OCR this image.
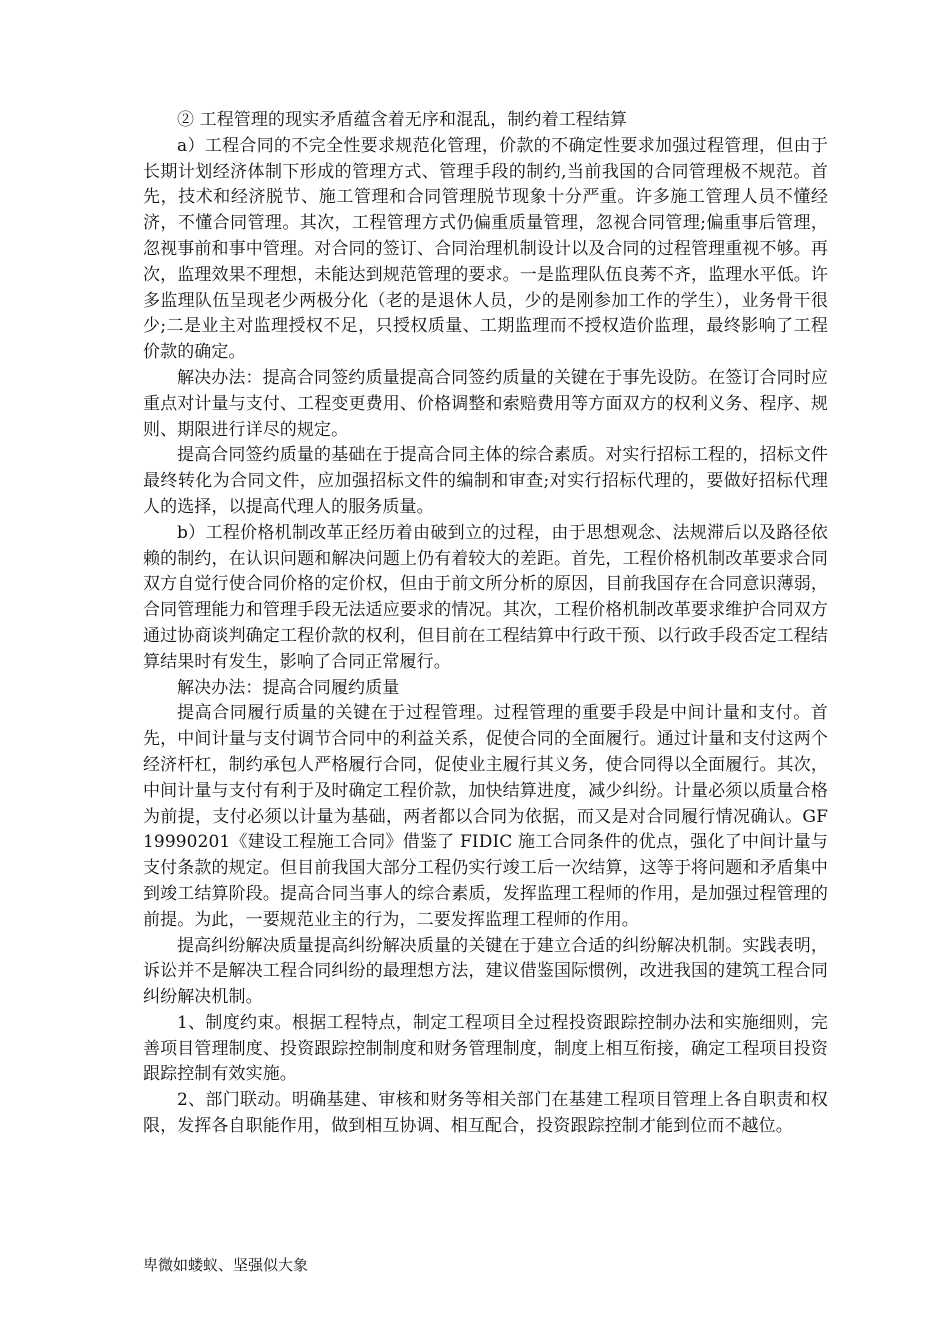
② 工程管理的现实矛盾蕴含着无序和混乱，制约着工程结算

a）工程合同的不完全性要求规范化管理，价款的不确定性要求加强过程管理，但由于长期计划经济体制下形成的管理方式、管理手段的制约,当前我国的合同管理极不规范。首先，技术和经济脱节、施工管理和合同管理脱节现象十分严重。许多施工管理人员不懂经济，不懂合同管理。其次，工程管理方式仍偏重质量管理，忽视合同管理;偏重事后管理，忽视事前和事中管理。对合同的签订、合同治理机制设计以及合同的过程管理重视不够。再次，监理效果不理想，未能达到规范管理的要求。一是监理队伍良莠不齐，监理水平低。许多监理队伍呈现老少两极分化（老的是退休人员，少的是刚参加工作的学生），业务骨干很少;二是业主对监理授权不足，只授权质量、工期监理而不授权造价监理，最终影响了工程价款的确定。

解决办法：提高合同签约质量提高合同签约质量的关键在于事先设防。在签订合同时应重点对计量与支付、工程变更费用、价格调整和索赔费用等方面双方的权利义务、程序、规则、期限进行详尽的规定。

提高合同签约质量的基础在于提高合同主体的综合素质。对实行招标工程的，招标文件最终转化为合同文件，应加强招标文件的编制和审查;对实行招标代理的，要做好招标代理人的选择，以提高代理人的服务质量。

b）工程价格机制改革正经历着由破到立的过程，由于思想观念、法规滞后以及路径依赖的制约，在认识问题和解决问题上仍有着较大的差距。首先，工程价格机制改革要求合同双方自觉行使合同价格的定价权，但由于前文所分析的原因，目前我国存在合同意识薄弱，合同管理能力和管理手段无法适应要求的情况。其次，工程价格机制改革要求维护合同双方通过协商谈判确定工程价款的权利，但目前在工程结算中行政干预、以行政手段否定工程结算结果时有发生，影响了合同正常履行。

解决办法：提高合同履约质量

提高合同履行质量的关键在于过程管理。过程管理的重要手段是中间计量和支付。首先，中间计量与支付调节合同中的利益关系，促使合同的全面履行。通过计量和支付这两个经济杆杠，制约承包人严格履行合同，促使业主履行其义务，使合同得以全面履行。其次，中间计量与支付有利于及时确定工程价款，加快结算进度，减少纠纷。计量必须以质量合格为前提，支付必须以计量为基础，两者都以合同为依据，而又是对合同履行情况确认。GF19990201《建设工程施工合同》借鉴了 FIDIC 施工合同条件的优点，强化了中间计量与支付条款的规定。但目前我国大部分工程仍实行竣工后一次结算，这等于将问题和矛盾集中到竣工结算阶段。提高合同当事人的综合素质，发挥监理工程师的作用，是加强过程管理的前提。为此，一要规范业主的行为，二要发挥监理工程师的作用。

提高纠纷解决质量提高纠纷解决质量的关键在于建立合适的纠纷解决机制。实践表明，诉讼并不是解决工程合同纠纷的最理想方法，建议借鉴国际惯例，改进我国的建筑工程合同纠纷解决机制。

1、制度约束。根据工程特点，制定工程项目全过程投资跟踪控制办法和实施细则，完善项目管理制度、投资跟踪控制制度和财务管理制度，制度上相互衔接，确定工程项目投资跟踪控制有效实施。

2、部门联动。明确基建、审核和财务等相关部门在基建工程项目管理上各自职责和权限，发挥各自职能作用，做到相互协调、相互配合，投资跟踪控制才能到位而不越位。

卑微如蝼蚁、坚强似大象
